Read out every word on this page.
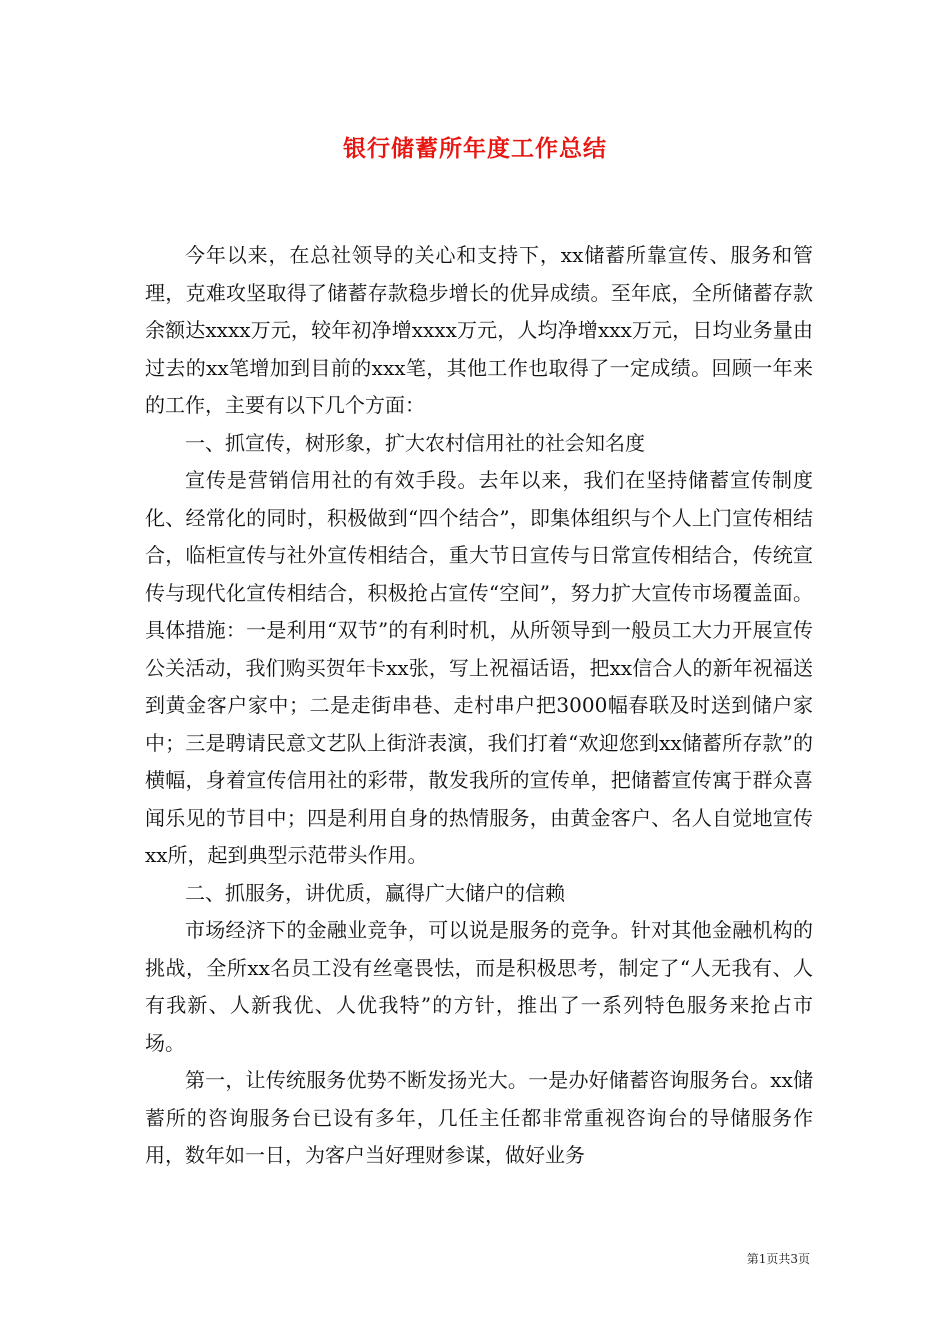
银行储蓄所年度工作总结

今年以来，在总社领导的关心和支持下，xx储蓄所靠宣传、服务和管理，克难攻坚取得了储蓄存款稳步增长的优异成绩。至年底，全所储蓄存款余额达xxxx万元，较年初净增xxxx万元，人均净增xxx万元，日均业务量由过去的xx笔增加到目前的xxx笔，其他工作也取得了一定成绩。回顾一年来的工作，主要有以下几个方面：

一、抓宣传，树形象，扩大农村信用社的社会知名度

宣传是营销信用社的有效手段。去年以来，我们在坚持储蓄宣传制度化、经常化的同时，积极做到“四个结合”，即集体组织与个人上门宣传相结合，临柜宣传与社外宣传相结合，重大节日宣传与日常宣传相结合，传统宣传与现代化宣传相结合，积极抢占宣传“空间”，努力扩大宣传市场覆盖面。具体措施：一是利用“双节”的有利时机，从所领导到一般员工大力开展宣传公关活动，我们购买贺年卡xx张，写上祝福话语，把xx信合人的新年祝福送到黄金客户家中；二是走街串巷、走村串户把3000幅春联及时送到储户家中；三是聘请民意文艺队上街浒表演，我们打着“欢迎您到xx储蓄所存款”的横幅，身着宣传信用社的彩带，散发我所的宣传单，把储蓄宣传寓于群众喜闻乐见的节目中；四是利用自身的热情服务，由黄金客户、名人自觉地宣传xx所，起到典型示范带头作用。

二、抓服务，讲优质，赢得广大储户的信赖

市场经济下的金融业竞争，可以说是服务的竞争。针对其他金融机构的挑战，全所xx名员工没有丝毫畏怯，而是积极思考，制定了“人无我有、人有我新、人新我优、人优我特”的方针，推出了一系列特色服务来抢占市场。

第一，让传统服务优势不断发扬光大。一是办好储蓄咨询服务台。xx储蓄所的咨询服务台已设有多年，几任主任都非常重视咨询台的导储服务作用，数年如一日，为客户当好理财参谋，做好业务

第1页共3页
